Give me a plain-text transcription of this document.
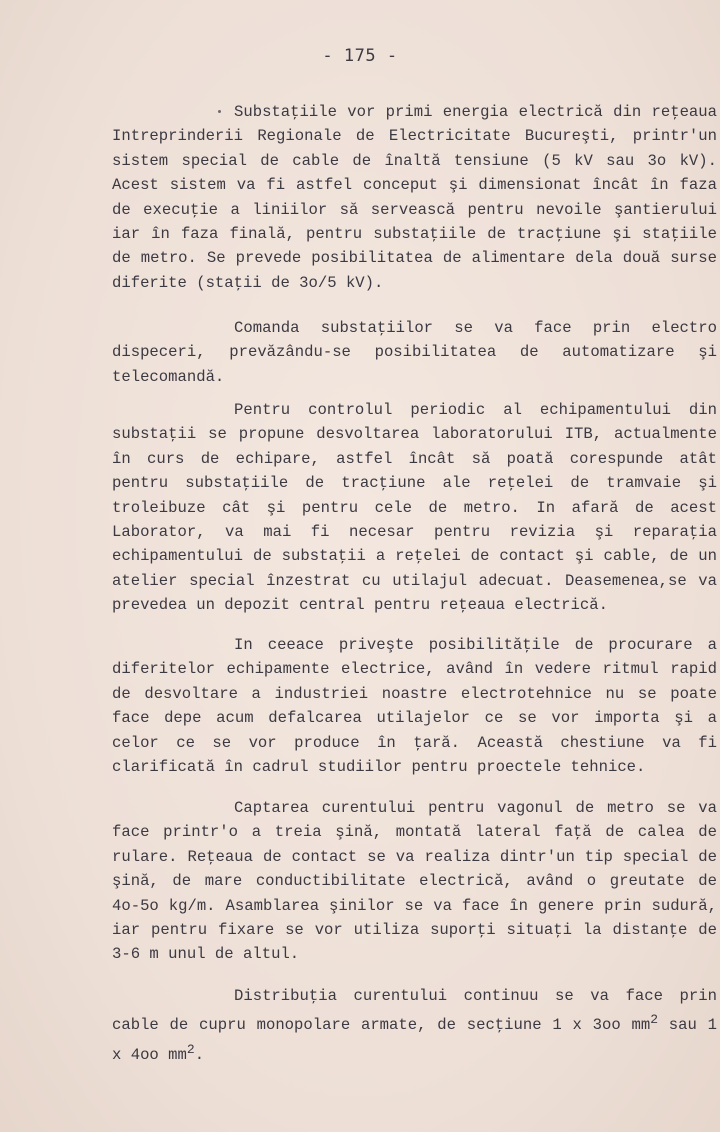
- 175 -

Substaţiile vor primi energia electrică din reţeaua Intreprinderii Regionale de Electricitate Bucureşti, printr'un sistem special de cable de înaltă tensiune (5 kV sau 3o kV). Acest sistem va fi astfel conceput şi dimensionat încât în faza de execuţie a liniilor să servească pentru nevoile şantierului iar în faza finală, pentru substaţiile de tracţiune şi staţiile de metro. Se prevede posibilitatea de alimentare dela două surse diferite (staţii de 3o/5 kV).

Comanda substaţiilor se va face prin electro dispeceri, prevăzându-se posibilitatea de automatizare şi telecomandă.

Pentru controlul periodic al echipamentului din substaţii se propune desvoltarea laboratorului ITB, actualmente în curs de echipare, astfel încât să poată corespunde atât pentru substaţiile de tracţiune ale reţelei de tramvaie şi troleibuze cât şi pentru cele de metro. In afară de acest Laborator, va mai fi necesar pentru revizia şi reparaţia echipamentului de substaţii a reţelei de contact şi cable, de un atelier special înzestrat cu utilajul adecuat. Deasemenea,se va prevedea un depozit central pentru reţeaua electrică.

In ceeace priveşte posibilităţile de procurare a diferitelor echipamente electrice, având în vedere ritmul rapid de desvoltare a industriei noastre electrotehnice nu se poate face depe acum defalcarea utilajelor ce se vor importa şi a celor ce se vor produce în ţară. Această chestiune va fi clarificată în cadrul studiilor pentru proectele tehnice.

Captarea curentului pentru vagonul de metro se va face printr'o a treia şină, montată lateral faţă de calea de rulare. Reţeaua de contact se va realiza dintr'un tip special de şină, de mare conductibilitate electrică, având o greutate de 4o-5o kg/m. Asamblarea şinilor se va face în genere prin sudură, iar pentru fixare se vor utiliza suporţi situaţi la distanţe de 3-6 m unul de altul.

Distribuţia curentului continuu se va face prin cable de cupru monopolare armate, de secţiune 1 x 3oo $mm^2$ sau 1 x 4oo $mm^2$.
